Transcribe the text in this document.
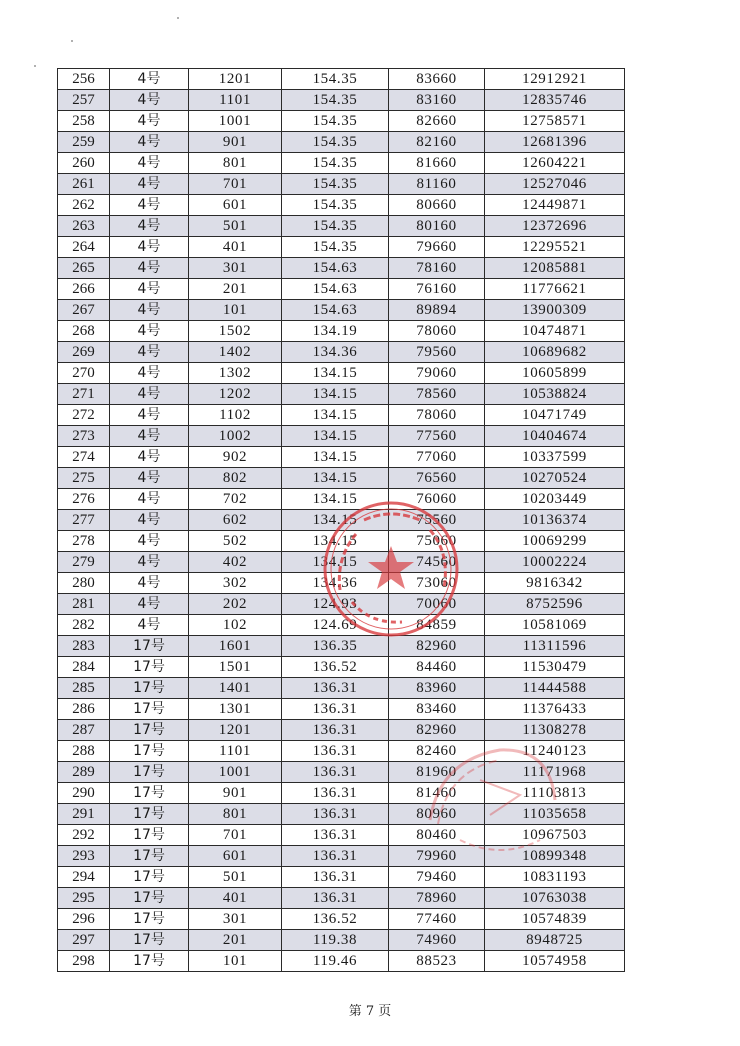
256	4号	1201	154.35	83660	12912921
257	4号	1101	154.35	83160	12835746
258	4号	1001	154.35	82660	12758571
259	4号	901	154.35	82160	12681396
260	4号	801	154.35	81660	12604221
261	4号	701	154.35	81160	12527046
262	4号	601	154.35	80660	12449871
263	4号	501	154.35	80160	12372696
264	4号	401	154.35	79660	12295521
265	4号	301	154.63	78160	12085881
266	4号	201	154.63	76160	11776621
267	4号	101	154.63	89894	13900309
268	4号	1502	134.19	78060	10474871
269	4号	1402	134.36	79560	10689682
270	4号	1302	134.15	79060	10605899
271	4号	1202	134.15	78560	10538824
272	4号	1102	134.15	78060	10471749
273	4号	1002	134.15	77560	10404674
274	4号	902	134.15	77060	10337599
275	4号	802	134.15	76560	10270524
276	4号	702	134.15	76060	10203449
277	4号	602	134.15	75560	10136374
278	4号	502	134.15	75060	10069299
279	4号	402	134.15	74560	10002224
280	4号	302	134.36	73060	9816342
281	4号	202	124.93	70060	8752596
282	4号	102	124.69	84859	10581069
283	17号	1601	136.35	82960	11311596
284	17号	1501	136.52	84460	11530479
285	17号	1401	136.31	83960	11444588
286	17号	1301	136.31	83460	11376433
287	17号	1201	136.31	82960	11308278
288	17号	1101	136.31	82460	11240123
289	17号	1001	136.31	81960	11171968
290	17号	901	136.31	81460	11103813
291	17号	801	136.31	80960	11035658
292	17号	701	136.31	80460	10967503
293	17号	601	136.31	79960	10899348
294	17号	501	136.31	79460	10831193
295	17号	401	136.31	78960	10763038
296	17号	301	136.52	77460	10574839
297	17号	201	119.38	74960	8948725
298	17号	101	119.46	88523	10574958
第 7 页
